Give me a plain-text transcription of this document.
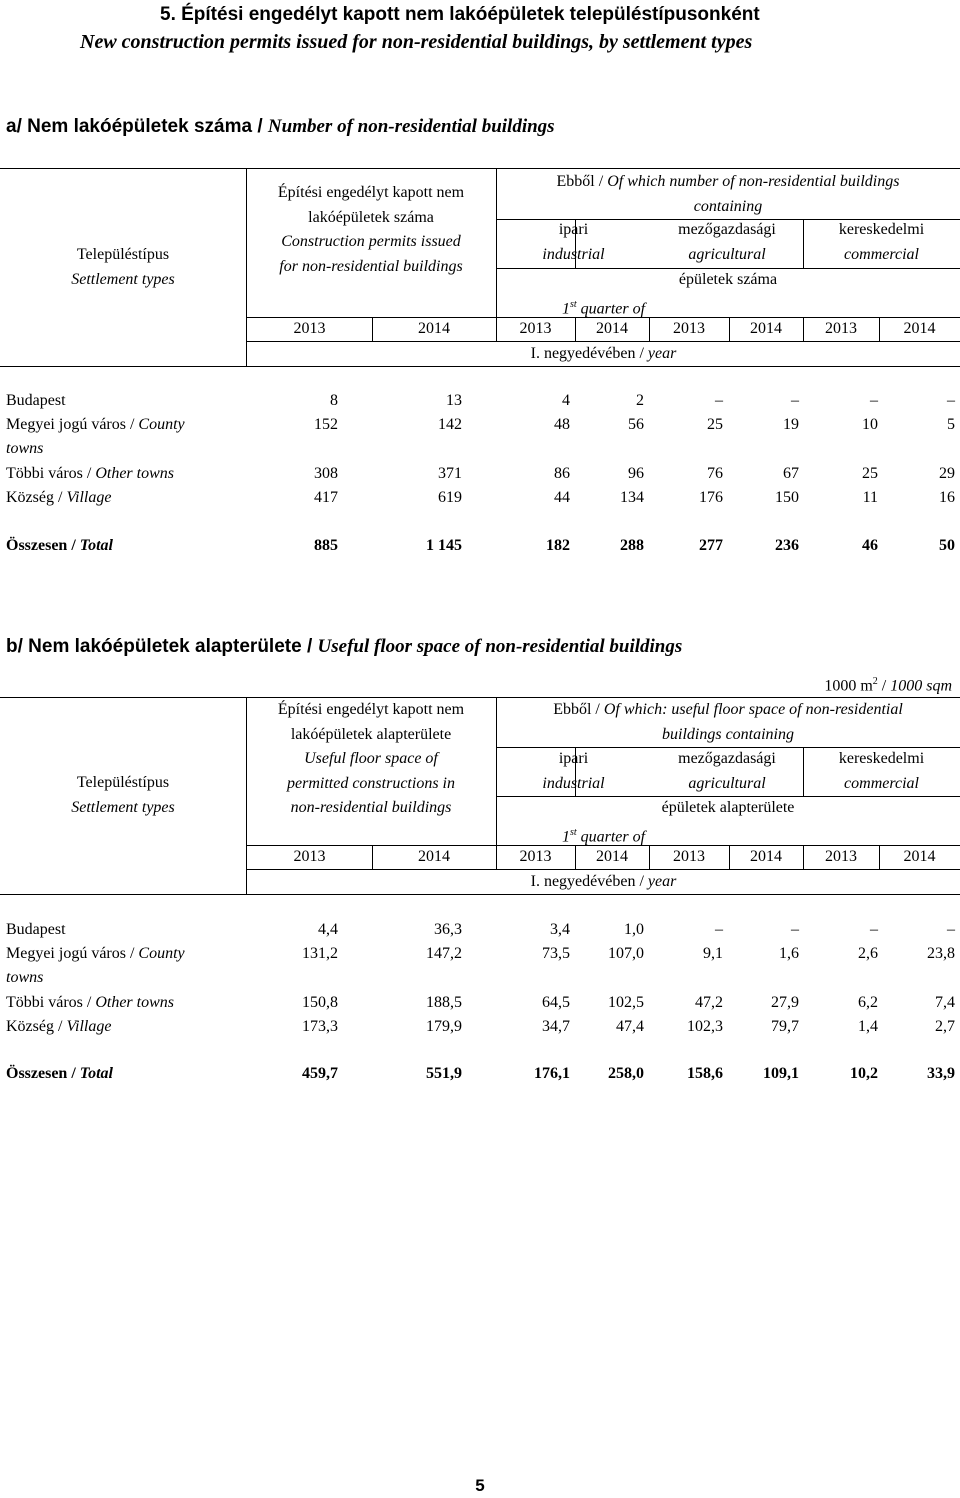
5. Építési engedélyt kapott nem lakóépületek településtípusonként
New construction permits issued for non-residential buildings, by settlement types
a/ Nem lakóépületek száma / Number of non-residential buildings
Településtípus
Settlement types
Építési engedélyt kapott nem
lakóépületek száma
Construction permits issued
for non-residential buildings
Ebből / Of which number of non-residential buildings
containing
ipari
industrial
mezőgazdasági
agricultural
kereskedelmi
commercial
épületek száma
1st quarter of
2013	2014	2013	2014	2013	2014	2013	2014
I. negyedévében / year
Budapest	8	13	4	2	–	–	–	–
Megyei jogú város / County
towns
152	142	48	56	25	19	10	5
Többi város / Other towns	308	371	86	96	76	67	25	29
Község / Village	417	619	44	134	176	150	11	16
Összesen / Total	885	1 145	182	288	277	236	46	50
b/ Nem lakóépületek alapterülete / Useful floor space of non-residential buildings
1000 $m^2 / 1000$ sqm
Településtípus
Settlement types
Építési engedélyt kapott nem
lakóépületek alapterülete
Useful floor space of
permitted constructions in
non-residential buildings
Ebből / Of which: useful floor space of non-residential
buildings containing
ipari
industrial
mezőgazdasági
agricultural
kereskedelmi
commercial
épületek alapterülete
1st quarter of
2013	2014	2013	2014	2013	2014	2013	2014
I. negyedévében / year
Budapest	4,4	36,3	3,4	1,0	–	–	–	–
Megyei jogú város / County
towns
131,2	147,2	73,5	107,0	9,1	1,6	2,6	23,8
Többi város / Other towns	150,8	188,5	64,5	102,5	47,2	27,9	6,2	7,4
Község / Village	173,3	179,9	34,7	47,4	102,3	79,7	1,4	2,7
Összesen / Total	459,7	551,9	176,1	258,0	158,6	109,1	10,2	33,9
5
